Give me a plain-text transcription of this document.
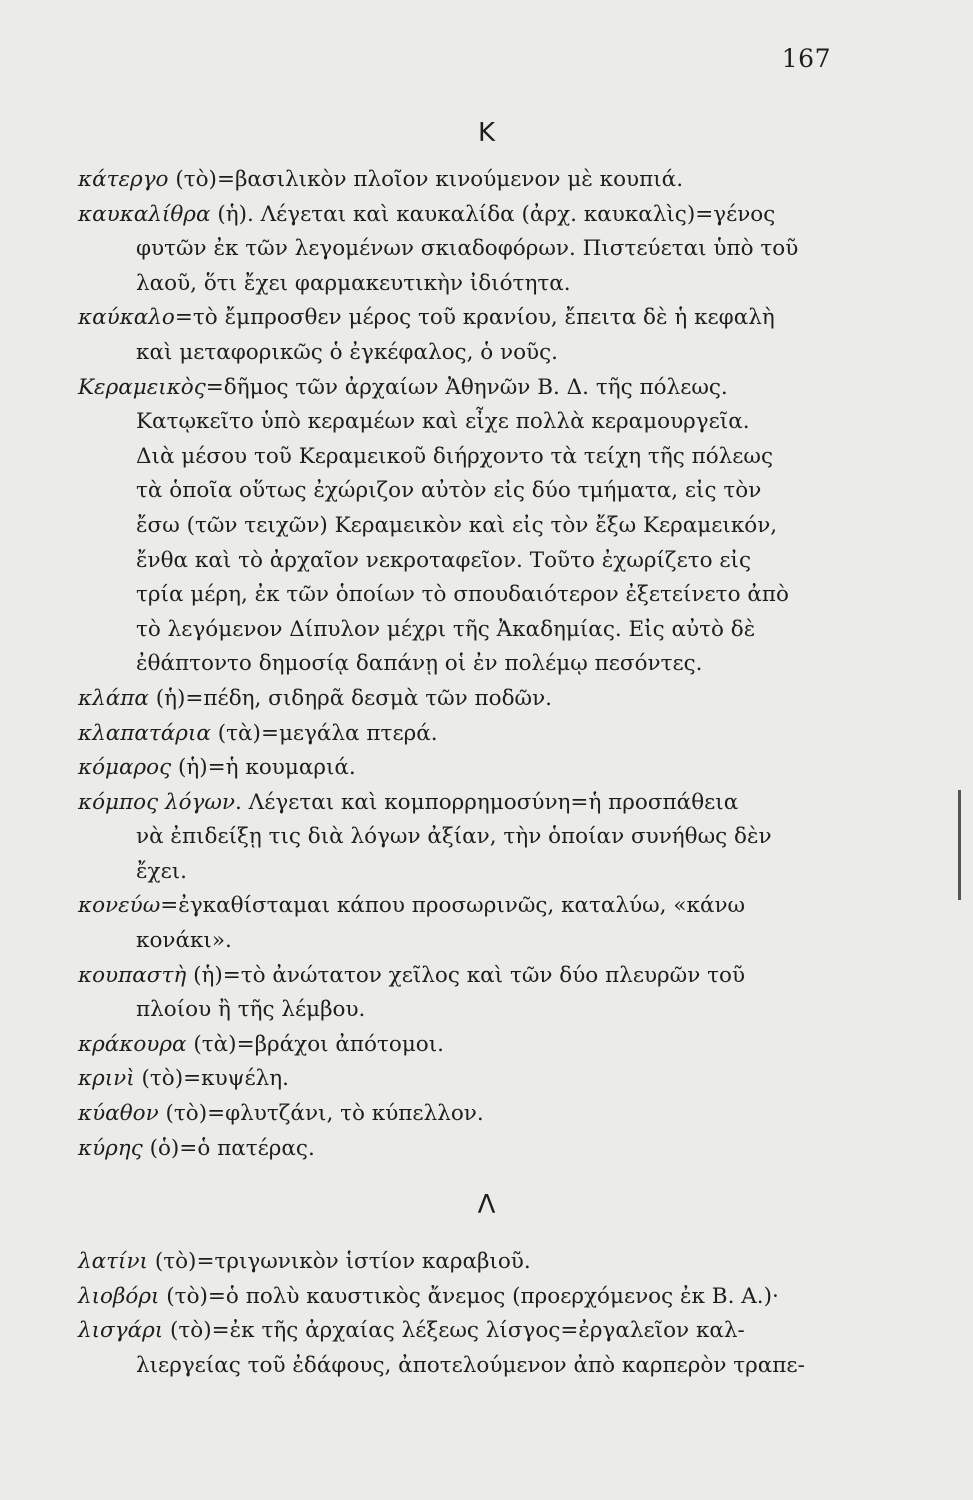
167
Κ
κάτεργο (τὸ)=βασιλικὸν πλοῖον κινούμενον μὲ κουπιά.
καυκαλίθρα (ἡ). Λέγεται καὶ καυκαλίδα (ἀρχ. καυκαλὶς)=γένος
φυτῶν ἐκ τῶν λεγομένων σκιαδοφόρων. Πιστεύεται ὑπὸ τοῦ
λαοῦ, ὅτι ἔχει φαρμακευτικὴν ἰδιότητα.
καύκαλο=τὸ ἔμπροσθεν μέρος τοῦ κρανίου, ἔπειτα δὲ ἡ κεφαλὴ
καὶ μεταφορικῶς ὁ ἐγκέφαλος, ὁ νοῦς.
Κεραμεικὸς=δῆμος τῶν ἀρχαίων Ἀθηνῶν Β. Δ. τῆς πόλεως.
Κατῳκεῖτο ὑπὸ κεραμέων καὶ εἶχε πολλὰ κεραμουργεῖα.
Διὰ μέσου τοῦ Κεραμεικοῦ διήρχοντο τὰ τείχη τῆς πόλεως
τὰ ὁποῖα οὕτως ἐχώριζον αὐτὸν εἰς δύο τμήματα, εἰς τὸν
ἔσω (τῶν τειχῶν) Κεραμεικὸν καὶ εἰς τὸν ἔξω Κεραμεικόν,
ἔνθα καὶ τὸ ἀρχαῖον νεκροταφεῖον. Τοῦτο ἐχωρίζετο εἰς
τρία μέρη, ἐκ τῶν ὁποίων τὸ σπουδαιότερον ἐξετείνετο ἀπὸ
τὸ λεγόμενον Δίπυλον μέχρι τῆς Ἀκαδημίας. Εἰς αὐτὸ δὲ
ἐθάπτοντο δημοσίᾳ δαπάνῃ οἱ ἐν πολέμῳ πεσόντες.
κλάπα (ἡ)=πέδη, σιδηρᾶ δεσμὰ τῶν ποδῶν.
κλαπατάρια (τὰ)=μεγάλα πτερά.
κόμαρος (ἡ)=ἡ κουμαριά.
κόμπος λόγων. Λέγεται καὶ κομπορρημοσύνη=ἡ προσπάθεια
νὰ ἐπιδείξῃ τις διὰ λόγων ἀξίαν, τὴν ὁποίαν συνήθως δὲν
ἔχει.
κονεύω=ἐγκαθίσταμαι κάπου προσωρινῶς, καταλύω, «κάνω
κονάκι».
κουπαστὴ (ἡ)=τὸ ἀνώτατον χεῖλος καὶ τῶν δύο πλευρῶν τοῦ
πλοίου ἢ τῆς λέμβου.
κράκουρα (τὰ)=βράχοι ἀπότομοι.
κρινὶ (τὸ)=κυψέλη.
κύαθον (τὸ)=φλυτζάνι, τὸ κύπελλον.
κύρης (ὁ)=ὁ πατέρας.
Λ
λατίνι (τὸ)=τριγωνικὸν ἱστίον καραβιοῦ.
λιοβόρι (τὸ)=ὁ πολὺ καυστικὸς ἄνεμος (προερχόμενος ἐκ Β. Α.)·
λισγάρι (τὸ)=ἐκ τῆς ἀρχαίας λέξεως λίσγος=ἐργαλεῖον καλ-
λιεργείας τοῦ ἐδάφους, ἀποτελούμενον ἀπὸ καρπερὸν τραπε-
